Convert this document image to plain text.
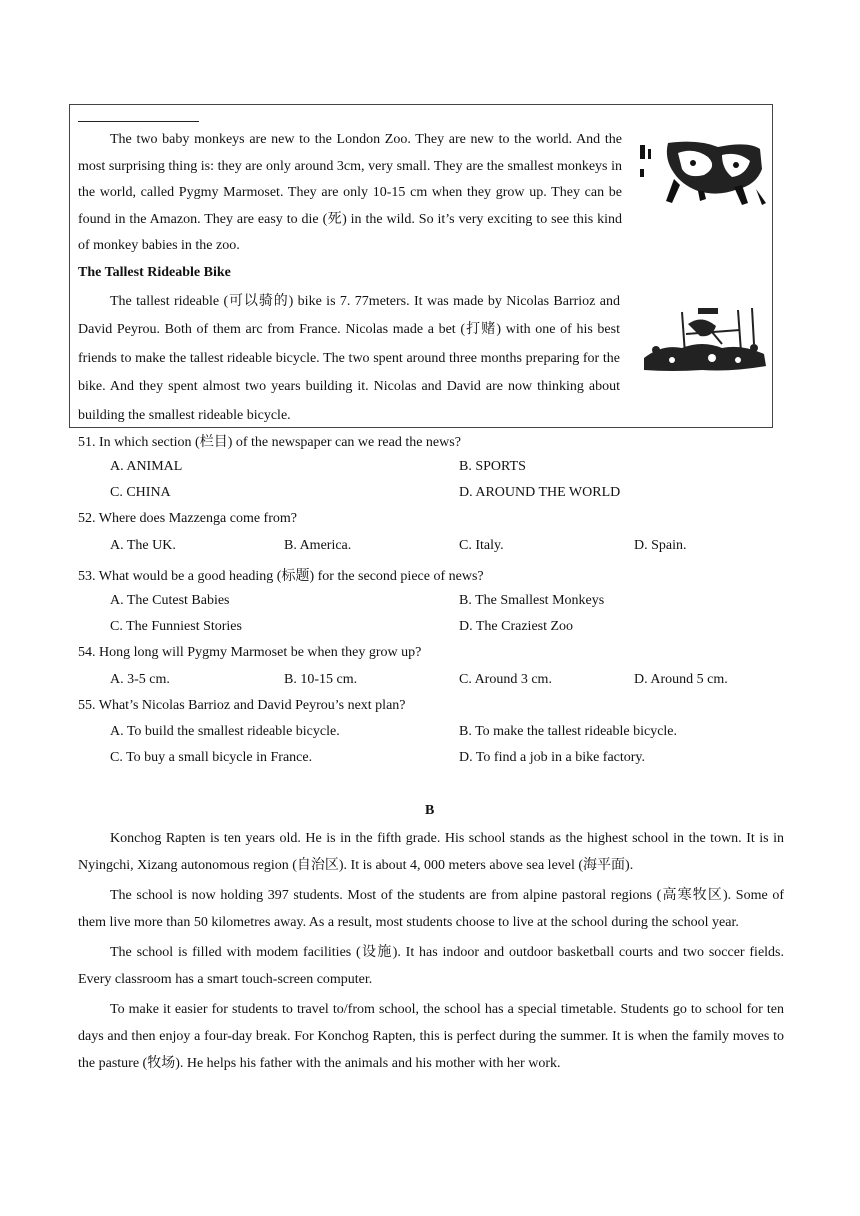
The two baby monkeys are new to the London Zoo. They are new to the world. And the most surprising thing is: they are only around 3cm, very small. They are the smallest monkeys in the world, called Pygmy Marmoset. They are only 10-15 cm when they grow up. They can be found in the Amazon. They are easy to die (死) in the wild. So it’s very exciting to see this kind of monkey babies in the zoo.

The Tallest Rideable Bike

The tallest rideable (可以骑的) bike is 7. 77meters. It was made by Nicolas Barrioz and David Peyrou. Both of them arc from France. Nicolas made a bet (打赌) with one of his best friends to make the tallest rideable bicycle. The two spent around three months preparing for the bike. And they spent almost two years building it. Nicolas and David are now thinking about building the smallest rideable bicycle.

51. In which section (栏目) of the newspaper can we read the news?
A. ANIMAL	B. SPORTS
C. CHINA	D. AROUND THE WORLD
52. Where does Mazzenga come from?
A. The UK.	B. America.	C. Italy.	D. Spain.
53. What would be a good heading (标题) for the second piece of news?
A. The Cutest Babies	B. The Smallest Monkeys
C. The Funniest Stories	D. The Craziest Zoo
54. Hong long will Pygmy Marmoset be when they grow up?
A. 3-5 cm.	B. 10-15 cm.	C. Around 3 cm.	D. Around 5 cm.
55. What’s Nicolas Barrioz and David Peyrou’s next plan?
A. To build the smallest rideable bicycle.	B. To make the tallest rideable bicycle.
C. To buy a small bicycle in France.	D. To find a job in a bike factory.
B

Konchog Rapten is ten years old. He is in the fifth grade. His school stands as the highest school in the town. It is in Nyingchi, Xizang autonomous region (自治区). It is about 4, 000 meters above sea level (海平面).

The school is now holding 397 students. Most of the students are from alpine pastoral regions (高寒牧区). Some of them live more than 50 kilometres away. As a result, most students choose to live at the school during the school year.

The school is filled with modem facilities (设施). It has indoor and outdoor basketball courts and two soccer fields. Every classroom has a smart touch-screen computer.

To make it easier for students to travel to/from school, the school has a special timetable. Students go to school for ten days and then enjoy a four-day break. For Konchog Rapten, this is perfect during the summer. It is when the family moves to the pasture (牧场). He helps his father with the animals and his mother with her work.
